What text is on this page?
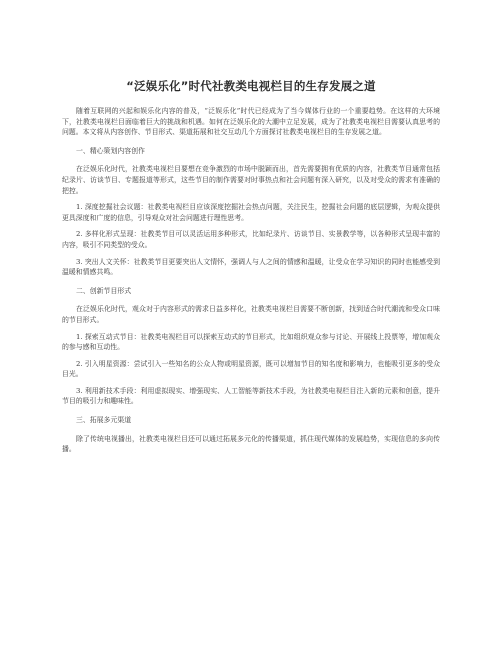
“泛娱乐化”时代社教类电视栏目的生存发展之道

随着互联网的兴起和娱乐化内容的普及，“泛娱乐化”时代已经成为了当今媒体行业的一个重要趋势。在这样的大环境下，社教类电视栏目面临着巨大的挑战和机遇。如何在泛娱乐化的大潮中立足发展，成为了社教类电视栏目需要认真思考的问题。本文将从内容创作、节目形式、渠道拓展和社交互动几个方面探讨社教类电视栏目的生存发展之道。

一、精心策划内容创作

在泛娱乐化时代，社教类电视栏目要想在竞争激烈的市场中脱颖而出，首先需要拥有优质的内容，社教类节目通常包括纪录片、访谈节目、专题报道等形式，这些节目的制作需要对时事热点和社会问题有深入研究，以及对受众的需求有准确的把控。

1. 深度挖掘社会议题：社教类电视栏目应该深度挖掘社会热点问题，关注民生，挖掘社会问题的底层逻辑，为观众提供更具深度和广度的信息，引导观众对社会问题进行理性思考。

2. 多样化形式呈现：社教类节目可以灵活运用多种形式，比如纪录片、访谈节目、实景教学等，以各种形式呈现丰富的内容，吸引不同类型的受众。

3. 突出人文关怀：社教类节目更要突出人文情怀，强调人与人之间的情感和温暖，让受众在学习知识的同时也能感受到温暖和情感共鸣。

二、创新节目形式

在泛娱乐化时代，观众对于内容形式的需求日益多样化，社教类电视栏目需要不断创新，找到适合时代潮流和受众口味的节目形式。

1. 探索互动式节目：社教类电视栏目可以探索互动式的节目形式，比如组织观众参与讨论、开展线上投票等，增加观众的参与感和互动性。

2. 引入明星资源：尝试引入一些知名的公众人物或明星资源，既可以增加节目的知名度和影响力，也能吸引更多的受众目光。

3. 利用新技术手段：利用虚拟现实、增强现实、人工智能等新技术手段，为社教类电视栏目注入新的元素和创意，提升节目的吸引力和趣味性。

三、拓展多元渠道

除了传统电视播出，社教类电视栏目还可以通过拓展多元化的传播渠道，抓住现代媒体的发展趋势，实现信息的多向传播。
